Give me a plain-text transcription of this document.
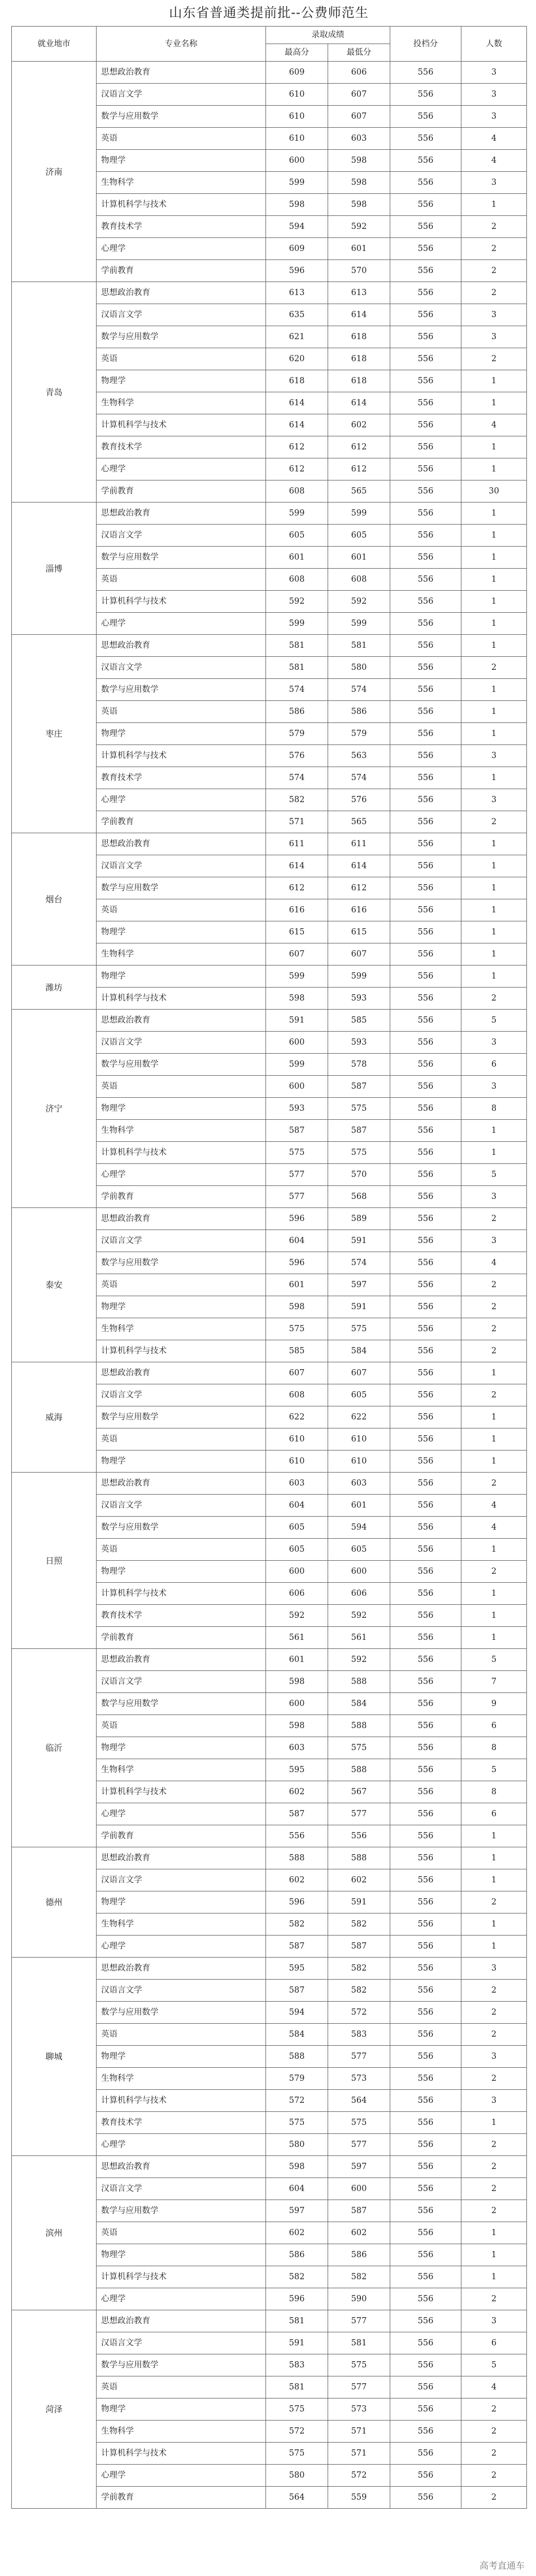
山东省普通类提前批--公费师范生
就业地市	专业名称	录取成绩		投档分	人数
		最高分	最低分		
济南	思想政治教育	609	606	556	3
	汉语言文学	610	607	556	3
	数学与应用数学	610	607	556	3
	英语	610	603	556	4
	物理学	600	598	556	4
	生物科学	599	598	556	3
	计算机科学与技术	598	598	556	1
	教育技术学	594	592	556	2
	心理学	609	601	556	2
	学前教育	596	570	556	2
青岛	思想政治教育	613	613	556	2
	汉语言文学	635	614	556	3
	数学与应用数学	621	618	556	3
	英语	620	618	556	2
	物理学	618	618	556	1
	生物科学	614	614	556	1
	计算机科学与技术	614	602	556	4
	教育技术学	612	612	556	1
	心理学	612	612	556	1
	学前教育	608	565	556	30
淄博	思想政治教育	599	599	556	1
	汉语言文学	605	605	556	1
	数学与应用数学	601	601	556	1
	英语	608	608	556	1
	计算机科学与技术	592	592	556	1
	心理学	599	599	556	1
枣庄	思想政治教育	581	581	556	1
	汉语言文学	581	580	556	2
	数学与应用数学	574	574	556	1
	英语	586	586	556	1
	物理学	579	579	556	1
	计算机科学与技术	576	563	556	3
	教育技术学	574	574	556	1
	心理学	582	576	556	3
	学前教育	571	565	556	2
烟台	思想政治教育	611	611	556	1
	汉语言文学	614	614	556	1
	数学与应用数学	612	612	556	1
	英语	616	616	556	1
	物理学	615	615	556	1
	生物科学	607	607	556	1
潍坊	物理学	599	599	556	1
	计算机科学与技术	598	593	556	2
济宁	思想政治教育	591	585	556	5
	汉语言文学	600	593	556	3
	数学与应用数学	599	578	556	6
	英语	600	587	556	3
	物理学	593	575	556	8
	生物科学	587	587	556	1
	计算机科学与技术	575	575	556	1
	心理学	577	570	556	5
	学前教育	577	568	556	3
泰安	思想政治教育	596	589	556	2
	汉语言文学	604	591	556	3
	数学与应用数学	596	574	556	4
	英语	601	597	556	2
	物理学	598	591	556	2
	生物科学	575	575	556	2
	计算机科学与技术	585	584	556	2
威海	思想政治教育	607	607	556	1
	汉语言文学	608	605	556	2
	数学与应用数学	622	622	556	1
	英语	610	610	556	1
	物理学	610	610	556	1
日照	思想政治教育	603	603	556	2
	汉语言文学	604	601	556	4
	数学与应用数学	605	594	556	4
	英语	605	605	556	1
	物理学	600	600	556	2
	计算机科学与技术	606	606	556	1
	教育技术学	592	592	556	1
	学前教育	561	561	556	1
临沂	思想政治教育	601	592	556	5
	汉语言文学	598	588	556	7
	数学与应用数学	600	584	556	9
	英语	598	588	556	6
	物理学	603	575	556	8
	生物科学	595	588	556	5
	计算机科学与技术	602	567	556	8
	心理学	587	577	556	6
	学前教育	556	556	556	1
德州	思想政治教育	588	588	556	1
	汉语言文学	602	602	556	1
	物理学	596	591	556	2
	生物科学	582	582	556	1
	心理学	587	587	556	1
聊城	思想政治教育	595	582	556	3
	汉语言文学	587	582	556	2
	数学与应用数学	594	572	556	2
	英语	584	583	556	2
	物理学	588	577	556	3
	生物科学	579	573	556	2
	计算机科学与技术	572	564	556	3
	教育技术学	575	575	556	1
	心理学	580	577	556	2
滨州	思想政治教育	598	597	556	2
	汉语言文学	604	600	556	2
	数学与应用数学	597	587	556	2
	英语	602	602	556	1
	物理学	586	586	556	1
	计算机科学与技术	582	582	556	1
	心理学	596	590	556	2
菏泽	思想政治教育	581	577	556	3
	汉语言文学	591	581	556	6
	数学与应用数学	583	575	556	5
	英语	581	577	556	4
	物理学	575	573	556	2
	生物科学	572	571	556	2
	计算机科学与技术	575	571	556	2
	心理学	580	572	556	2
	学前教育	564	559	556	2
高考直通车
